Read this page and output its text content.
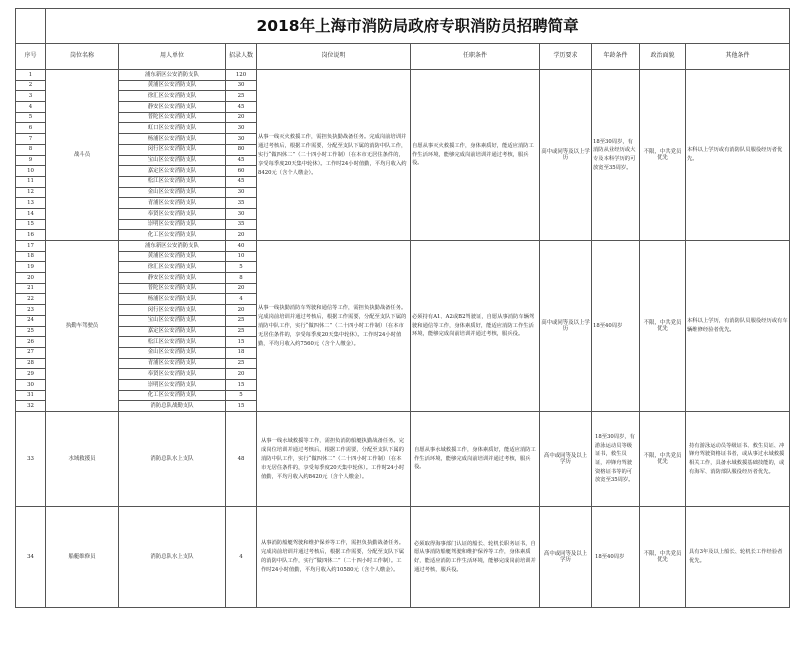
	2018年上海市消防局政府专职消防员招聘简章								
序号	岗位名称	用人单位	招录人数	岗位说明	任职条件	学历要求	年龄条件	政治面貌	其他条件
1	战斗员	浦东新区公安消防支队	120	从事一线灭火救援工作，需担负执勤战备任务。完成岗前培训并通过考核后，根据工作需要，分配至支队下属的消防中队工作，实行“做四休二”（二十四小时工作制）（在本市无居住条件的，享受每季度20天集中轮休）。工作时24小时值勤，平均月收入约8420元（含个人缴金）。	自愿从事灭火救援工作，身体素质好，能适应消防工作生活环境，能够完成岗前培训并通过考核，服兵役。	高中或同等及以上学历	18至30周岁，有消防从业经历或大专及本科学历的可放宽至35周岁。	不限，中共党员优先	本科以上学历或有消防队员服役经历者优先。
2		黄浦区公安消防支队	30						
3		徐汇区公安消防支队	25						
4		静安区公安消防支队	45						
5		普陀区公安消防支队	20						
6		虹口区公安消防支队	30						
7		杨浦区公安消防支队	30						
8		闵行区公安消防支队	80						
9		宝山区公安消防支队	45						
10		嘉定区公安消防支队	60						
11		松江区公安消防支队	45						
12		金山区公安消防支队	30						
13		青浦区公安消防支队	35						
14		奉贤区公安消防支队	30						
15		崇明区公安消防支队	35						
16		化工区公安消防支队	20						
17	执勤车驾驶员	浦东新区公安消防支队	40	从事一线执勤消防车驾驶和通信等工作，需担负执勤战备任务。完成岗前培训并通过考核后，根据工作需要，分配至支队下属的消防中队工作，实行“做四休二”（二十四小时工作制）（在本市无居住条件的，享受每季度20天集中轮休）。工作时24小时值勤，平均月收入约7560元（含个人缴金）。	必须持有A1、A2或B2驾驶证，自愿从事消防车辆驾驶和通信等工作，身体素质好，能适应消防工作生活环境，能够完成岗前培训并通过考核，服兵役。	高中或同等及以上学历	18至40周岁	不限，中共党员优先	本科以上学历，有消防队员服役经历或有车辆维修经验者优先。
18		黄浦区公安消防支队	10						
19		徐汇区公安消防支队	5						
20		静安区公安消防支队	8						
21		普陀区公安消防支队	20						
22		杨浦区公安消防支队	4						
23		闵行区公安消防支队	20						
24		宝山区公安消防支队	25						
25		嘉定区公安消防支队	25						
26		松江区公安消防支队	15						
27		金山区公安消防支队	18						
28		青浦区公安消防支队	25						
29		奉贤区公安消防支队	20						
30		崇明区公安消防支队	15						
31		化工区公安消防支队	5						
32		消防总队战勤支队	15						
33	水域救援员	消防总队水上支队	48	从事一线水域救援等工作，需担负消防船艇执勤战备任务。完成岗位培训并通过考核后，根据工作需要，分配至支队下属的消防中队工作，实行“做四休二”（二十四小时工作制）（在本市无居住条件的，享受每季度20天集中轮休）。工作时24小时值勤，平均月收入约8420元（含个人缴金）。	自愿从事水域救援工作，身体素质好，能适应消防工作生活环境，能够完成岗前培训并通过考核，服兵役。	高中或同等及以上学历	18至30周岁，有游泳运动员等级证书，救生员证，冲锋舟驾驶资格证书等的可放宽至35周岁。	不限，中共党员优先	持有游泳运动员等级证书、救生员证、冲锋舟驾驶资格证书者，或从事过水域救援相关工作，具备水域救援基础技能的，或有海军、消防部队服役经历者优先。
34	船艇维修员	消防总队水上支队	4	从事消防船艇驾驶和维护保养等工作，需担负执勤战备任务。完成岗前培训并通过考核后，根据工作需要，分配至支队下属的消防中队工作，实行“做四休二”（二十四小时工作制）。工作时24小时值勤，平均月收入约10580元（含个人缴金）。	必须取得海事部门认证的船长、轮机长职务证书，自愿从事消防船艇驾驶和维护保养等工作，身体素质好，能适应消防工作生活环境，能够完成岗前培训并通过考核，服兵役。	高中或同等及以上学历	18至40周岁	不限，中共党员优先	具有3年及以上船长、轮机长工作经验者优先。
